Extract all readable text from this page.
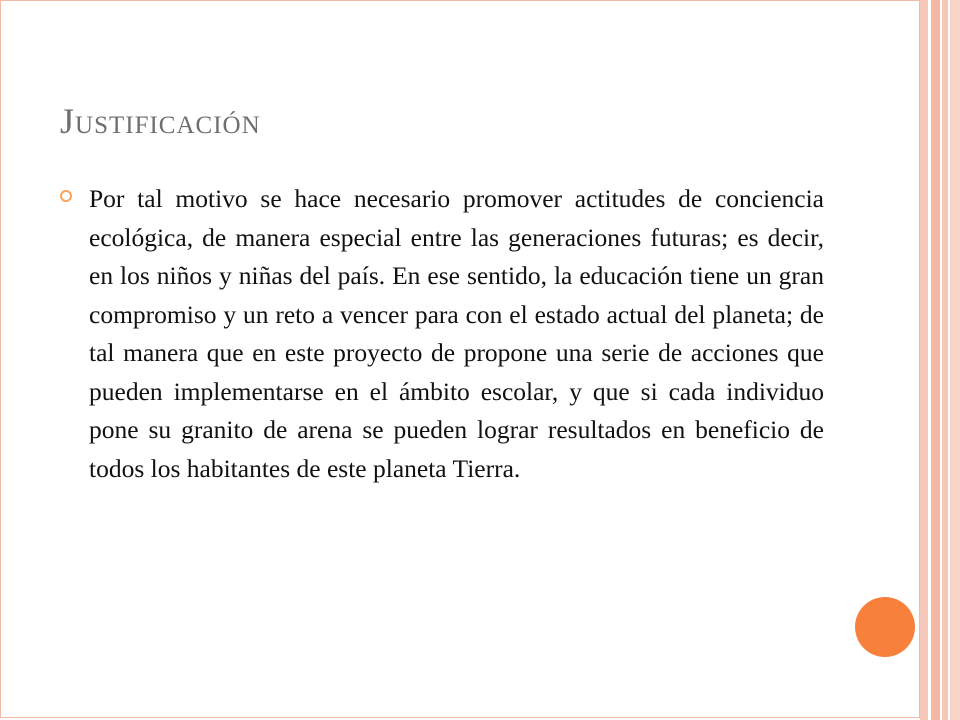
Justificación

Por tal motivo se hace necesario promover actitudes de conciencia ecológica, de manera especial entre las generaciones futuras; es decir, en los niños y niñas del país. En ese sentido, la educación tiene un gran compromiso y un reto a vencer para con el estado actual del planeta; de tal manera que en este proyecto de propone una serie de acciones que pueden implementarse en el ámbito escolar, y que si cada individuo pone su granito de arena se pueden lograr resultados en beneficio de todos los habitantes de este planeta Tierra.
